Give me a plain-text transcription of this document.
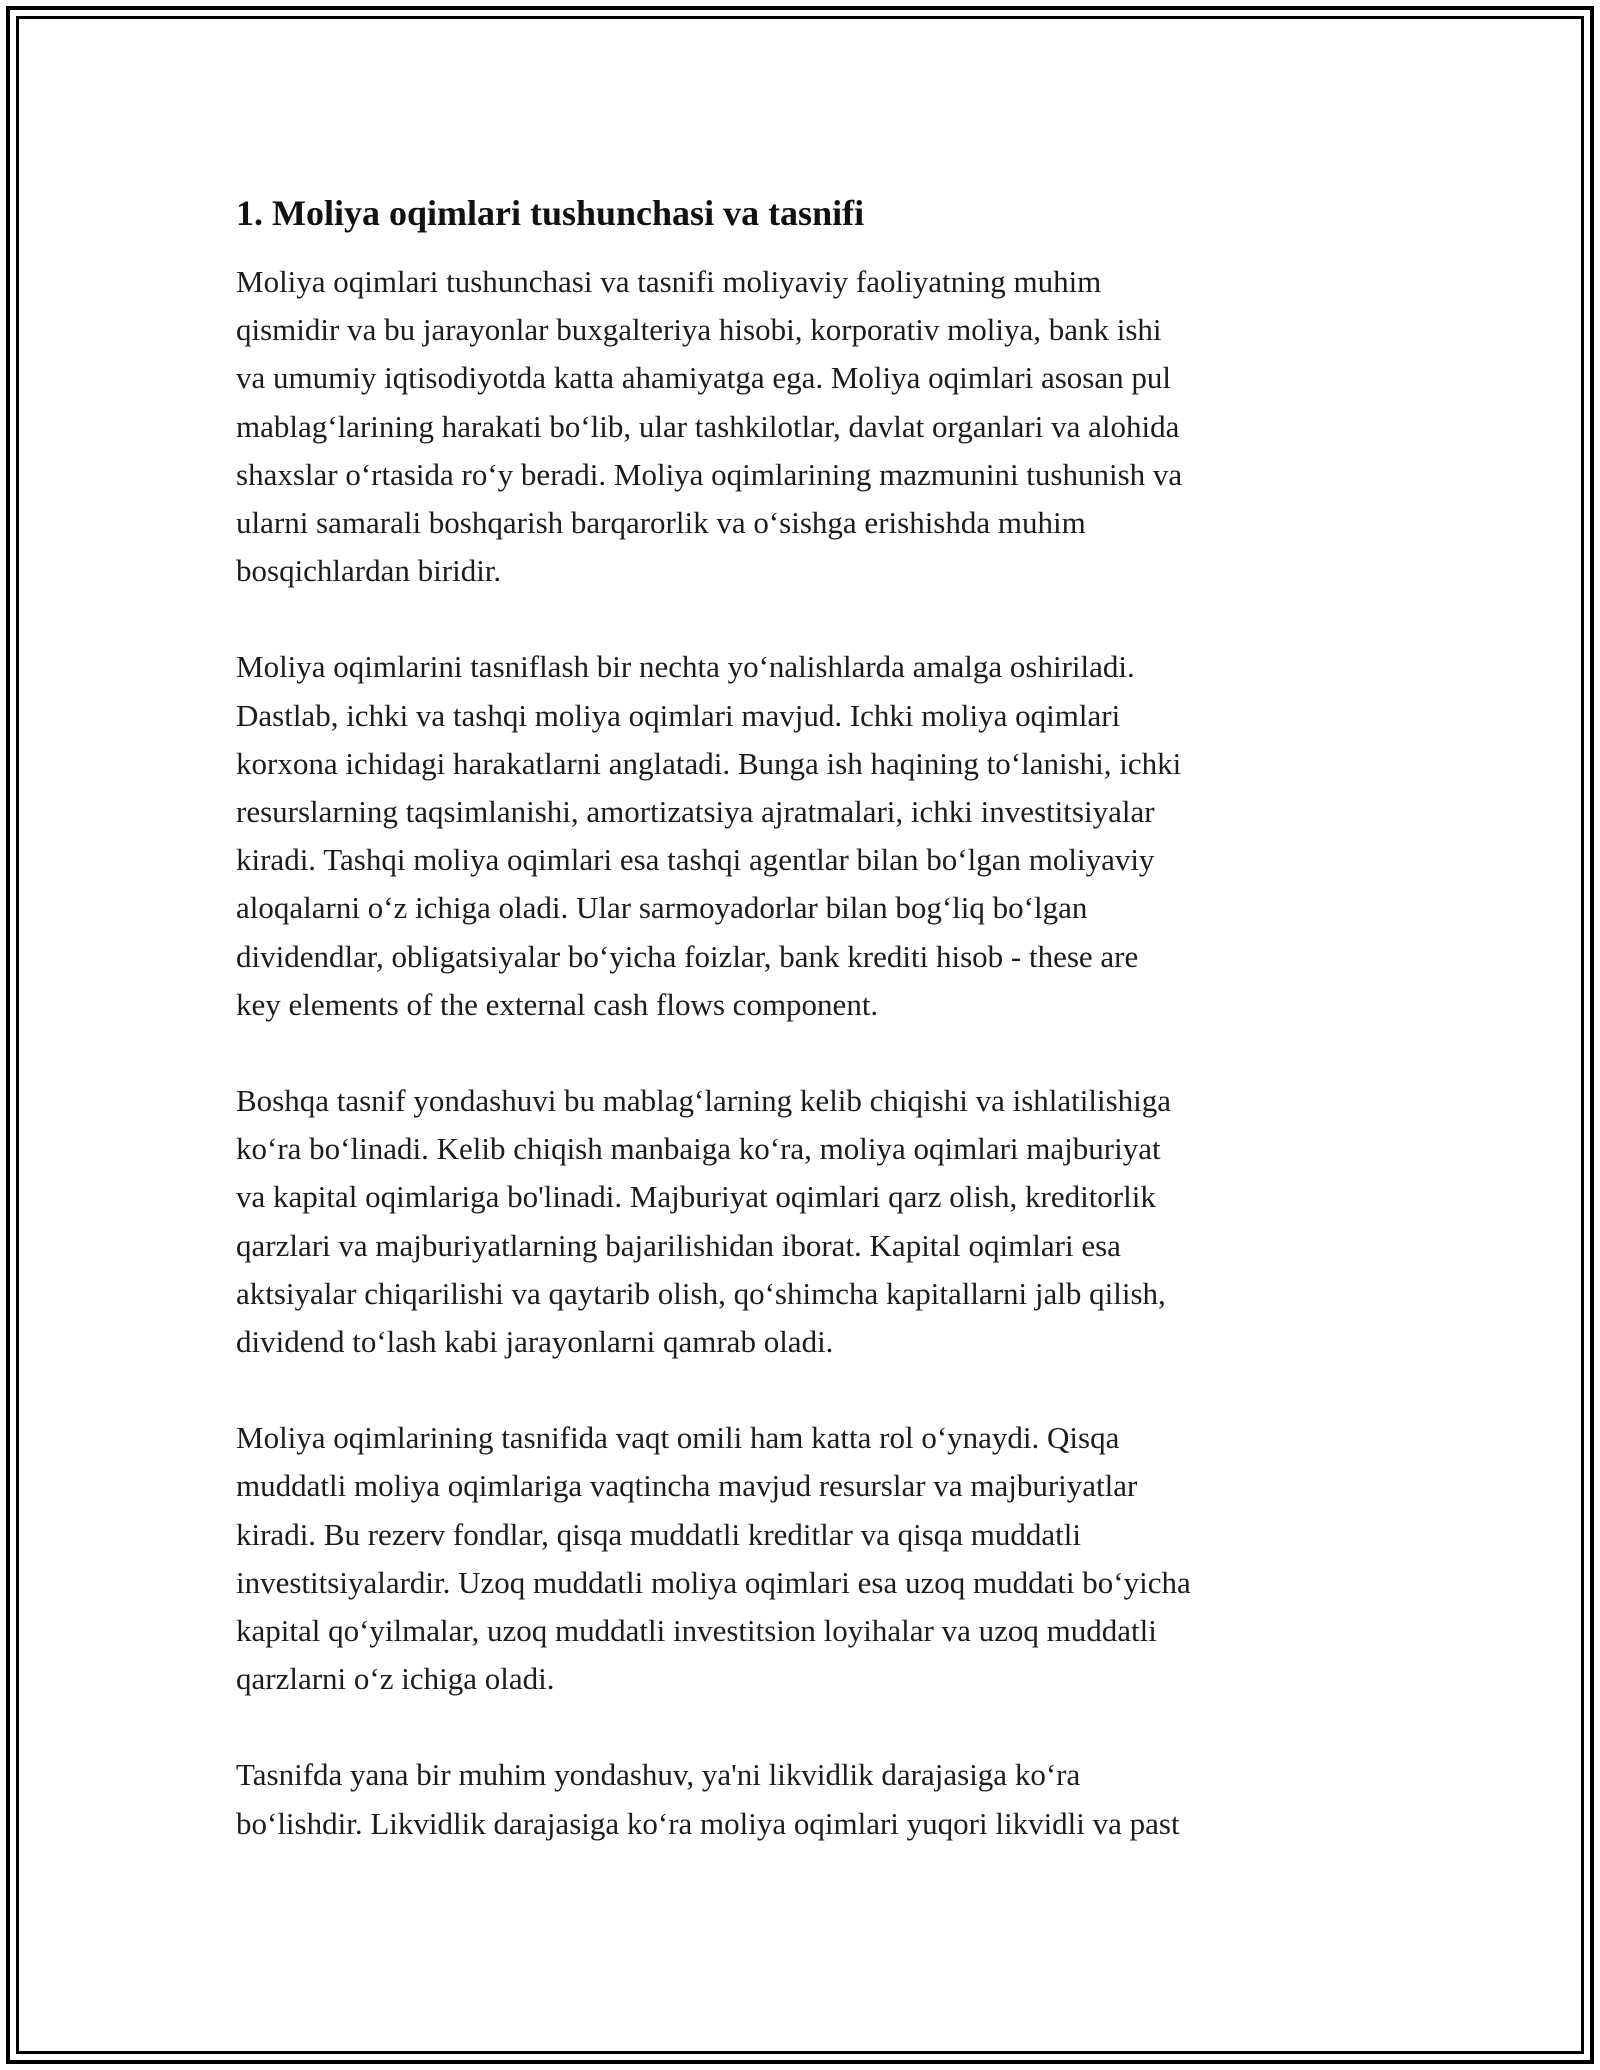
1. Moliya oqimlari tushunchasi va tasnifi

Moliya oqimlari tushunchasi va tasnifi moliyaviy faoliyatning muhim
qismidir va bu jarayonlar buxgalteriya hisobi, korporativ moliya, bank ishi
va umumiy iqtisodiyotda katta ahamiyatga ega. Moliya oqimlari asosan pul
mablag‘larining harakati bo‘lib, ular tashkilotlar, davlat organlari va alohida
shaxslar o‘rtasida ro‘y beradi. Moliya oqimlarining mazmunini tushunish va
ularni samarali boshqarish barqarorlik va o‘sishga erishishda muhim
bosqichlardan biridir.

Moliya oqimlarini tasniflash bir nechta yo‘nalishlarda amalga oshiriladi.
Dastlab, ichki va tashqi moliya oqimlari mavjud. Ichki moliya oqimlari
korxona ichidagi harakatlarni anglatadi. Bunga ish haqining to‘lanishi, ichki
resurslarning taqsimlanishi, amortizatsiya ajratmalari, ichki investitsiyalar
kiradi. Tashqi moliya oqimlari esa tashqi agentlar bilan bo‘lgan moliyaviy
aloqalarni o‘z ichiga oladi. Ular sarmoyadorlar bilan bog‘liq bo‘lgan
dividendlar, obligatsiyalar bo‘yicha foizlar, bank krediti hisob - these are
key elements of the external cash flows component.

Boshqa tasnif yondashuvi bu mablag‘larning kelib chiqishi va ishlatilishiga
ko‘ra bo‘linadi. Kelib chiqish manbaiga ko‘ra, moliya oqimlari majburiyat
va kapital oqimlariga bo'linadi. Majburiyat oqimlari qarz olish, kreditorlik
qarzlari va majburiyatlarning bajarilishidan iborat. Kapital oqimlari esa
aktsiyalar chiqarilishi va qaytarib olish, qo‘shimcha kapitallarni jalb qilish,
dividend to‘lash kabi jarayonlarni qamrab oladi.

Moliya oqimlarining tasnifida vaqt omili ham katta rol o‘ynaydi. Qisqa
muddatli moliya oqimlariga vaqtincha mavjud resurslar va majburiyatlar
kiradi. Bu rezerv fondlar, qisqa muddatli kreditlar va qisqa muddatli
investitsiyalardir. Uzoq muddatli moliya oqimlari esa uzoq muddati bo‘yicha
kapital qo‘yilmalar, uzoq muddatli investitsion loyihalar va uzoq muddatli
qarzlarni o‘z ichiga oladi.

Tasnifda yana bir muhim yondashuv, ya'ni likvidlik darajasiga ko‘ra
bo‘lishdir. Likvidlik darajasiga ko‘ra moliya oqimlari yuqori likvidli va past
